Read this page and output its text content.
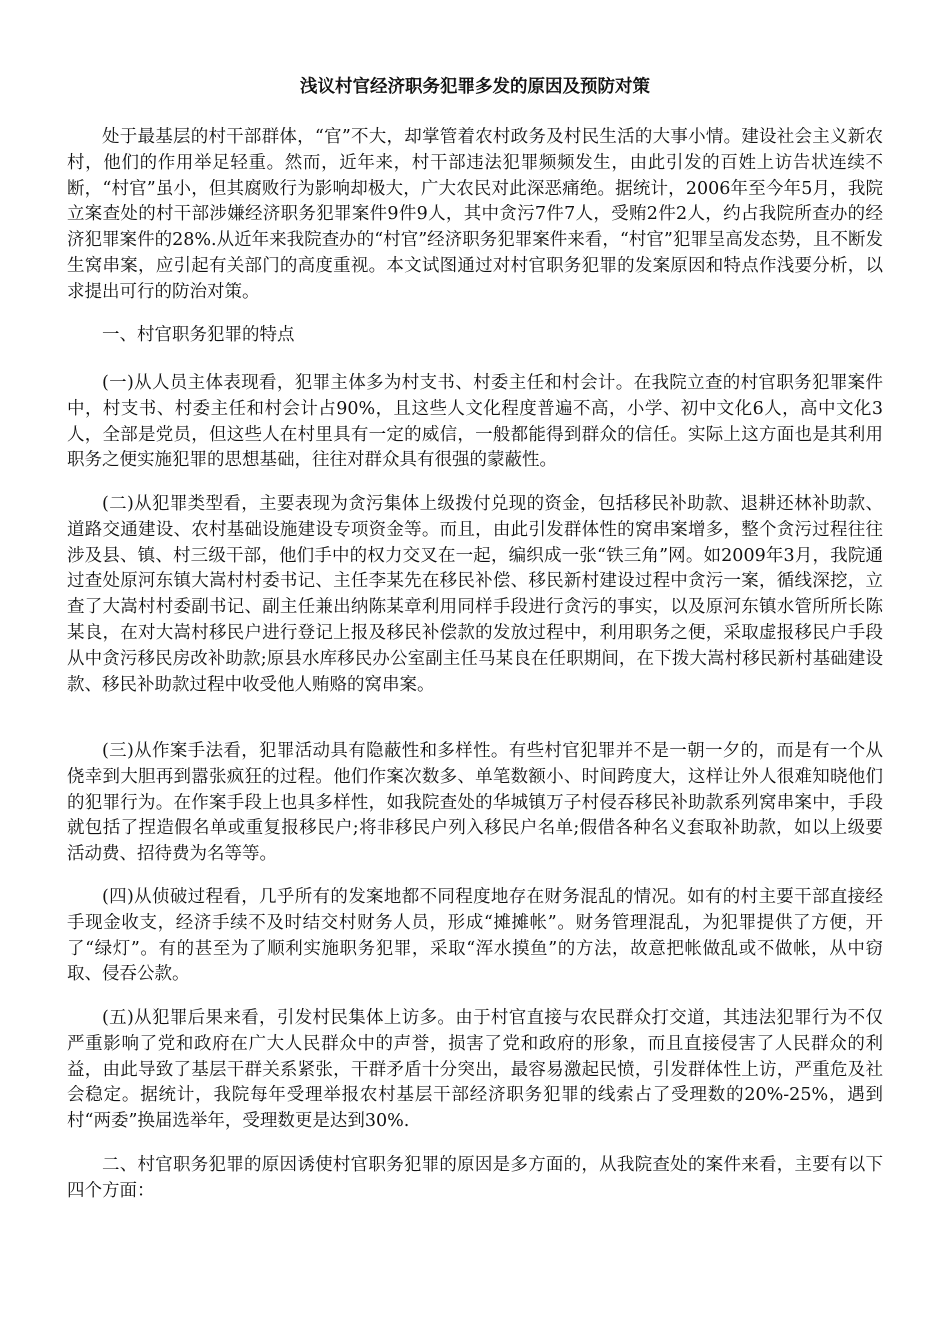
浅议村官经济职务犯罪多发的原因及预防对策

处于最基层的村干部群体，“官”不大，却掌管着农村政务及村民生活的大事小情。建设社会主义新农村，他们的作用举足轻重。然而，近年来，村干部违法犯罪频频发生，由此引发的百姓上访告状连续不断，“村官”虽小，但其腐败行为影响却极大，广大农民对此深恶痛绝。据统计，2006年至今年5月，我院立案查处的村干部涉嫌经济职务犯罪案件9件9人，其中贪污7件7人，受贿2件2人，约占我院所查办的经济犯罪案件的28%.从近年来我院查办的“村官”经济职务犯罪案件来看，“村官”犯罪呈高发态势，且不断发生窝串案，应引起有关部门的高度重视。本文试图通过对村官职务犯罪的发案原因和特点作浅要分析，以求提出可行的防治对策。

一、村官职务犯罪的特点

(一)从人员主体表现看，犯罪主体多为村支书、村委主任和村会计。在我院立查的村官职务犯罪案件中，村支书、村委主任和村会计占90%，且这些人文化程度普遍不高，小学、初中文化6人，高中文化3人，全部是党员，但这些人在村里具有一定的威信，一般都能得到群众的信任。实际上这方面也是其利用职务之便实施犯罪的思想基础，往往对群众具有很强的蒙蔽性。

(二)从犯罪类型看，主要表现为贪污集体上级拨付兑现的资金，包括移民补助款、退耕还林补助款、道路交通建设、农村基础设施建设专项资金等。而且，由此引发群体性的窝串案增多，整个贪污过程往往涉及县、镇、村三级干部，他们手中的权力交叉在一起，编织成一张“铁三角”网。如2009年3月，我院通过查处原河东镇大嵩村村委书记、主任李某先在移民补偿、移民新村建设过程中贪污一案，循线深挖，立查了大嵩村村委副书记、副主任兼出纳陈某章利用同样手段进行贪污的事实，以及原河东镇水管所所长陈某良，在对大嵩村移民户进行登记上报及移民补偿款的发放过程中，利用职务之便，采取虚报移民户手段从中贪污移民房改补助款;原县水库移民办公室副主任马某良在任职期间，在下拨大嵩村移民新村基础建设款、移民补助款过程中收受他人贿赂的窝串案。

(三)从作案手法看，犯罪活动具有隐蔽性和多样性。有些村官犯罪并不是一朝一夕的，而是有一个从侥幸到大胆再到嚣张疯狂的过程。他们作案次数多、单笔数额小、时间跨度大，这样让外人很难知晓他们的犯罪行为。在作案手段上也具多样性，如我院查处的华城镇万子村侵吞移民补助款系列窝串案中，手段就包括了捏造假名单或重复报移民户;将非移民户列入移民户名单;假借各种名义套取补助款，如以上级要活动费、招待费为名等等。

(四)从侦破过程看，几乎所有的发案地都不同程度地存在财务混乱的情况。如有的村主要干部直接经手现金收支，经济手续不及时结交村财务人员，形成“摊摊帐”。财务管理混乱，为犯罪提供了方便，开了“绿灯”。有的甚至为了顺利实施职务犯罪，采取“浑水摸鱼”的方法，故意把帐做乱或不做帐，从中窃取、侵吞公款。

(五)从犯罪后果来看，引发村民集体上访多。由于村官直接与农民群众打交道，其违法犯罪行为不仅严重影响了党和政府在广大人民群众中的声誉，损害了党和政府的形象，而且直接侵害了人民群众的利益，由此导致了基层干群关系紧张，干群矛盾十分突出，最容易激起民愤，引发群体性上访，严重危及社会稳定。据统计，我院每年受理举报农村基层干部经济职务犯罪的线索占了受理数的20%-25%，遇到村“两委”换届选举年，受理数更是达到30%.

二、村官职务犯罪的原因诱使村官职务犯罪的原因是多方面的，从我院查处的案件来看，主要有以下四个方面：
